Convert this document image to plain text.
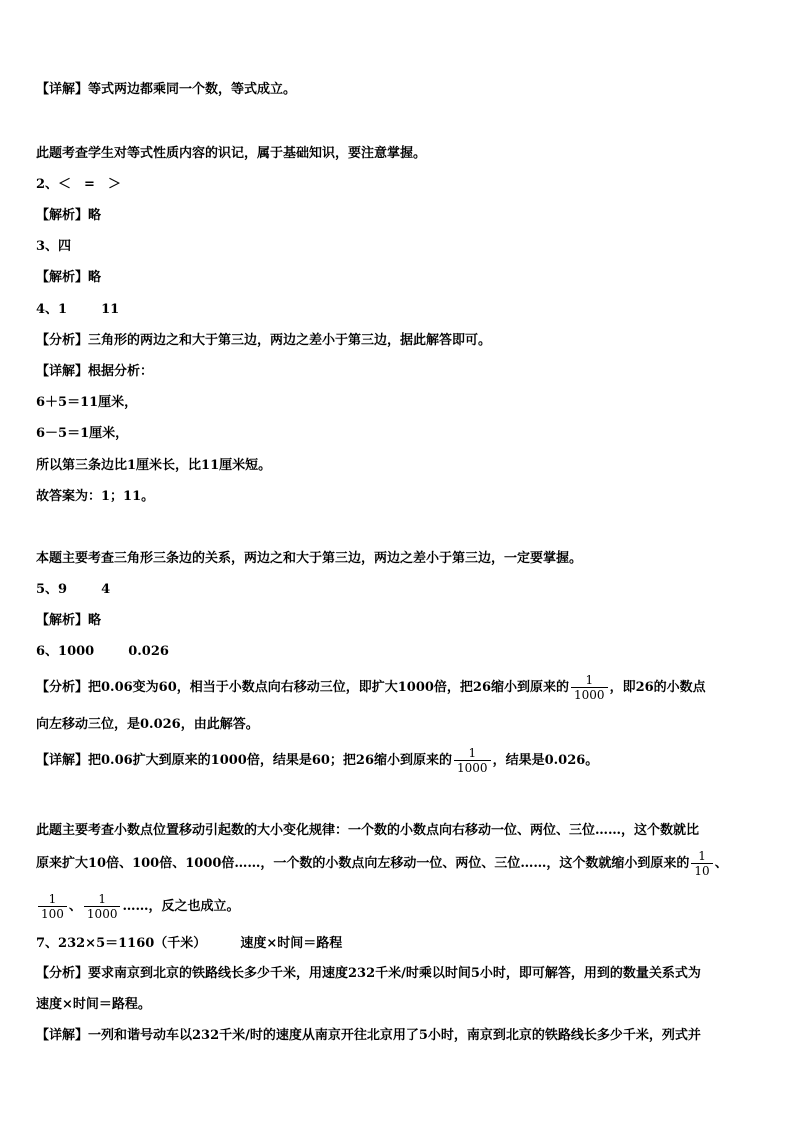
【详解】等式两边都乘同一个数，等式成立。
此题考查学生对等式性质内容的识记，属于基础知识，要注意掌握。
2、＜　=　＞
【解析】略
3、四
【解析】略
4、1	11
【分析】三角形的两边之和大于第三边，两边之差小于第三边，据此解答即可。
【详解】根据分析：
6＋5＝11厘米，
6－5＝1厘米，
所以第三条边比1厘米长，比11厘米短。
故答案为：1；11。
本题主要考查三角形三条边的关系，两边之和大于第三边，两边之差小于第三边，一定要掌握。
5、9	4
【解析】略
6、1000	0.026
【分析】把0.06变为60，相当于小数点向右移动三位，即扩大1000倍，把26缩小到原来的 $\frac{1}{1000}$ ，即26的小数点
向左移动三位，是0.026，由此解答。
【详解】把0.06扩大到原来的1000倍，结果是60；把26缩小到原来的 $\frac{1}{1000}$ ，结果是0.026。
此题主要考查小数点位置移动引起数的大小变化规律：一个数的小数点向右移动一位、两位、三位……，这个数就比
原来扩大10倍、100倍、1000倍……，一个数的小数点向左移动一位、两位、三位……，这个数就缩小到原来的 $\frac{1}{10}$ 、
$\frac{1}{100}$ 、 $\frac{1}{1000}$ ……，反之也成立。
7、232×5＝1160（千米）	速度×时间＝路程
【分析】要求南京到北京的铁路线长多少千米，用速度232千米/时乘以时间5小时，即可解答，用到的数量关系式为
速度×时间＝路程。
【详解】一列和谐号动车以232千米/时的速度从南京开往北京用了5小时，南京到北京的铁路线长多少千米，列式并
